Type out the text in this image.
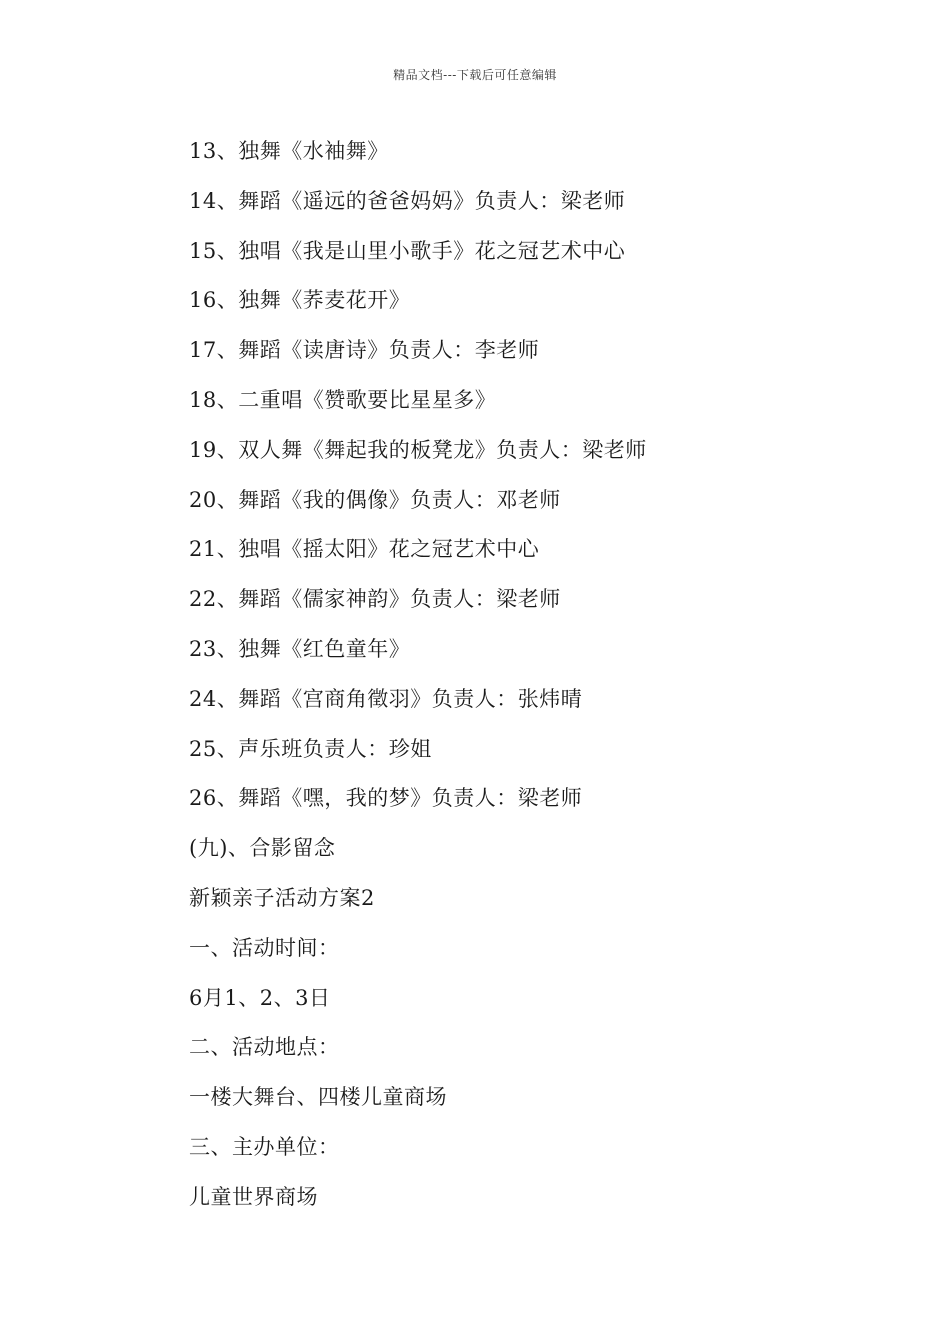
精品文档---下载后可任意编辑
13、独舞《水袖舞》
14、舞蹈《遥远的爸爸妈妈》负责人：梁老师
15、独唱《我是山里小歌手》花之冠艺术中心
16、独舞《荞麦花开》
17、舞蹈《读唐诗》负责人：李老师
18、二重唱《赞歌要比星星多》
19、双人舞《舞起我的板凳龙》负责人：梁老师
20、舞蹈《我的偶像》负责人：邓老师
21、独唱《摇太阳》花之冠艺术中心
22、舞蹈《儒家神韵》负责人：梁老师
23、独舞《红色童年》
24、舞蹈《宫商角徵羽》负责人：张炜晴
25、声乐班负责人：珍姐
26、舞蹈《嘿，我的梦》负责人：梁老师
(九)、合影留念
新颖亲子活动方案2
一、活动时间：
6月1、2、3日
二、活动地点：
一楼大舞台、四楼儿童商场
三、主办单位：
儿童世界商场
